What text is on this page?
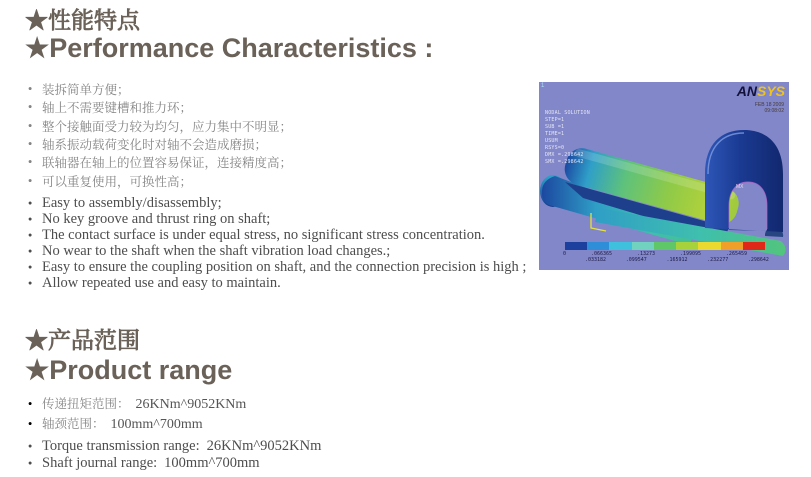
★性能特点
★Performance Characteristics :
● 装拆简单方便；
● 轴上不需要键槽和推力环；
● 整个接触面受力较为均匀，应力集中不明显；
● 轴系振动载荷变化时对轴不会造成磨损；
● 联轴器在轴上的位置容易保证，连接精度高；
● 可以重复使用，可换性高；
● Easy to assembly/disassembly;
● No key groove and thrust ring on shaft;
● The contact surface is under equal stress, no significant stress concentration.
● No wear to the shaft when the shaft vibration load changes.;
● Easy to ensure the coupling position on shaft, and the connection precision is high ;
● Allow repeated use and easy to maintain.
★产品范围
★Product range
● 传递扭矩范围： 26KNm^9052KNm
● 轴颈范围： 100mm^700mm
● Torque transmission range: 26KNm^9052KNm
● Shaft journal range: 100mm^700mm
1
MX

NODAL SOLUTION
STEP=1
SUB =1
TIME=1
USUM
RSYS=0
DMX =.298642
SMX =.298642
ANSYS
FEB 18 2009
09:08:02
0	.066365	.13273	.199095	.265459
.033182	.099547	.165912	.232277	.298642
